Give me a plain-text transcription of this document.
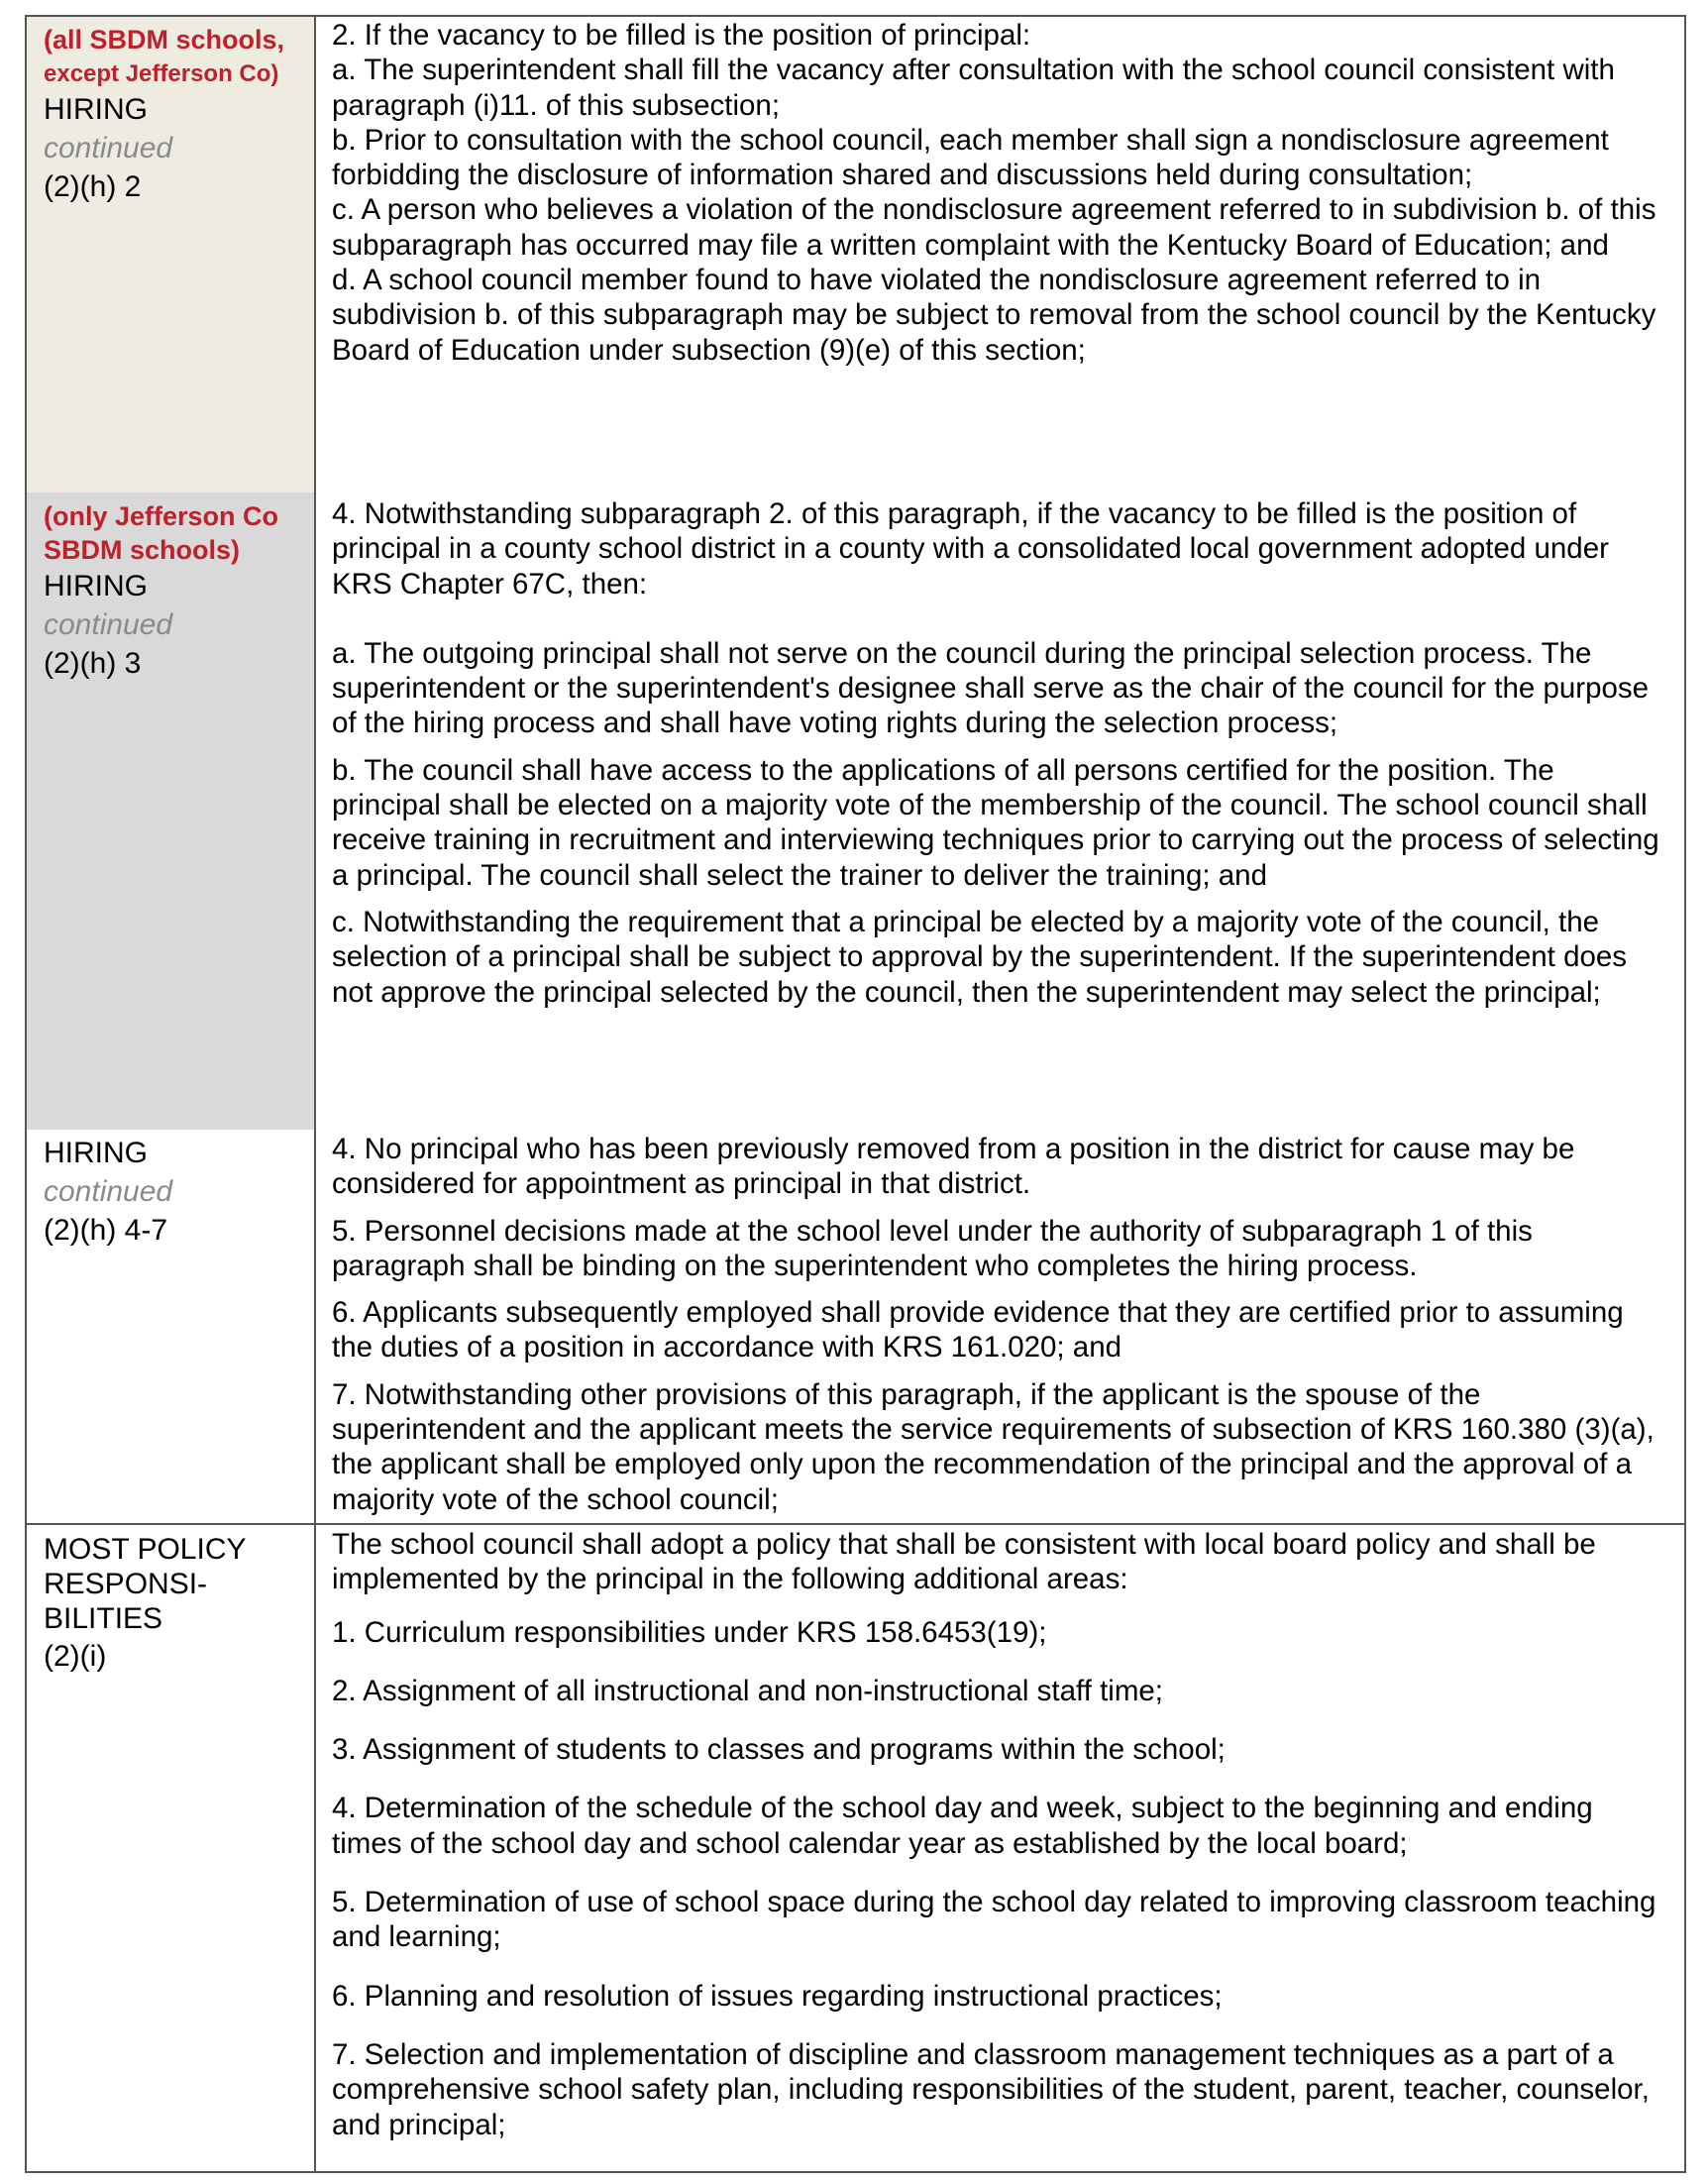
(all SBDM schools,
except Jefferson Co)
HIRING
continued
(2)(h) 2
2. If the vacancy to be filled is the position of principal:
a. The superintendent shall fill the vacancy after consultation with the school council consistent with paragraph (i)11. of this subsection;
b. Prior to consultation with the school council, each member shall sign a nondisclosure agreement forbidding the disclosure of information shared and discussions held during consultation;
c. A person who believes a violation of the nondisclosure agreement referred to in subdivision b. of this subparagraph has occurred may file a written complaint with the Kentucky Board of Education; and
d. A school council member found to have violated the nondisclosure agreement referred to in subdivision b. of this subparagraph may be subject to removal from the school council by the Kentucky Board of Education under subsection (9)(e) of this section;
(only Jefferson Co
SBDM schools)
HIRING
continued
(2)(h) 3
4. Notwithstanding subparagraph 2. of this paragraph, if the vacancy to be filled is the position of principal in a county school district in a county with a consolidated local government adopted under KRS Chapter 67C, then:
a. The outgoing principal shall not serve on the council during the principal selection process. The superintendent or the superintendent's designee shall serve as the chair of the council for the purpose of the hiring process and shall have voting rights during the selection process;
b. The council shall have access to the applications of all persons certified for the position. The principal shall be elected on a majority vote of the membership of the council. The school council shall receive training in recruitment and interviewing techniques prior to carrying out the process of selecting a principal. The council shall select the trainer to deliver the training; and
c. Notwithstanding the requirement that a principal be elected by a majority vote of the council, the selection of a principal shall be subject to approval by the superintendent. If the superintendent does not approve the principal selected by the council, then the superintendent may select the principal;
HIRING
continued
(2)(h) 4-7
4. No principal who has been previously removed from a position in the district for cause may be considered for appointment as principal in that district.
5. Personnel decisions made at the school level under the authority of subparagraph 1 of this paragraph shall be binding on the superintendent who completes the hiring process.
6. Applicants subsequently employed shall provide evidence that they are certified prior to assuming the duties of a position in accordance with KRS 161.020; and
7. Notwithstanding other provisions of this paragraph, if the applicant is the spouse of the superintendent and the applicant meets the service requirements of subsection of KRS 160.380 (3)(a), the applicant shall be employed only upon the recommendation of the principal and the approval of a majority vote of the school council;
MOST POLICY
RESPONSI-
BILITIES
(2)(i)
The school council shall adopt a policy that shall be consistent with local board policy and shall be implemented by the principal in the following additional areas:
1. Curriculum responsibilities under KRS 158.6453(19);
2. Assignment of all instructional and non-instructional staff time;
3. Assignment of students to classes and programs within the school;
4. Determination of the schedule of the school day and week, subject to the beginning and ending times of the school day and school calendar year as established by the local board;
5. Determination of use of school space during the school day related to improving classroom teaching and learning;
6. Planning and resolution of issues regarding instructional practices;
7. Selection and implementation of discipline and classroom management techniques as a part of a comprehensive school safety plan, including responsibilities of the student, parent, teacher, counselor, and principal;
